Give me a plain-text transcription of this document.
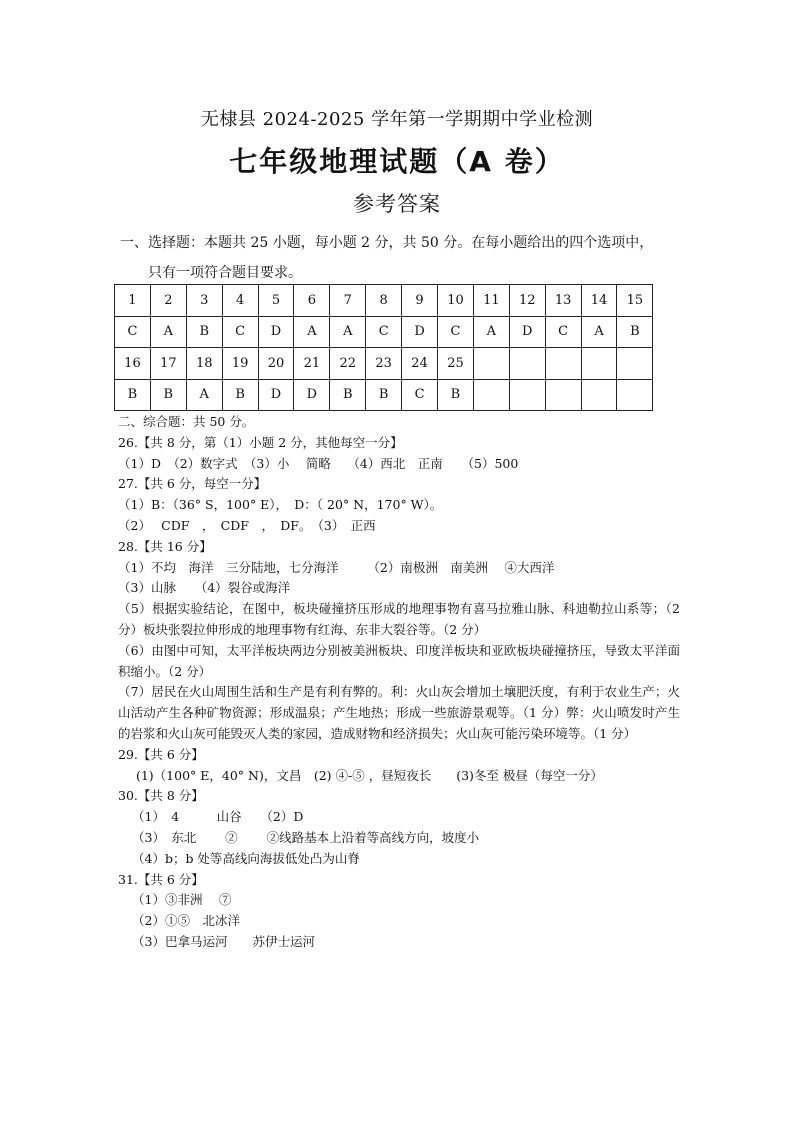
无棣县 2024-2025 学年第一学期期中学业检测
七年级地理试题（A 卷）
参考答案
一、选择题：本题共 25 小题，每小题 2 分，共 50 分。在每小题给出的四个选项中，
只有一项符合题目要求。
1	2	3	4	5	6	7	8	9	10	11	12	13	14	15
C	A	B	C	D	A	A	C	D	C	A	D	C	A	B
16	17	18	19	20	21	22	23	24	25					
B	B	A	B	D	D	B	B	C	B					
二、综合题：共 50 分。
26.【共 8 分，第（1）小题 2 分，其他每空一分】
（1）D　（2）数字式　（3）小　 简略　 （4）西北　正南　　（5）500
27.【共 6 分，每空一分】
（1）B：（36° S，100° E），　D：（ 20° N，170° W）。
（2）　 CDF　，　CDF　，　DF。　（3）　正西
28.【共 16 分】
（1）不均　海洋　三分陆地，七分海洋　　 （2）南极洲　南美洲　 ④大西洋
（3）山脉　　（4）裂谷或海洋
（5）根据实验结论，在图中，板块碰撞挤压形成的地理事物有喜马拉雅山脉、科迪勒拉山系等；（2 分）板块张裂拉伸形成的地理事物有红海、东非大裂谷等。（2 分）
（6）由图中可知，太平洋板块两边分别被美洲板块、印度洋板块和亚欧板块碰撞挤压，导致太平洋面积缩小。（2 分）
（7）居民在火山周围生活和生产是有利有弊的。利：火山灰会增加土壤肥沃度，有利于农业生产；火山活动产生各种矿物资源；形成温泉；产生地热；形成一些旅游景观等。（1 分）弊：火山喷发时产生的岩浆和火山灰可能毁灭人类的家园，造成财物和经济损失；火山灰可能污染环境等。（1 分）
29.【共 6 分】
(1)（100° E，40° N)，文昌　(2) ④-⑤ ，昼短夜长　　(3)冬至 极昼（每空一分）
30.【共 8 分】
（1）　4　　　山谷　　（2）D
（3）　东北　　 ②　　 ②线路基本上沿着等高线方向，坡度小
（4）b；b 处等高线向海拔低处凸为山脊
31.【共 6 分】
（1）③非洲　 ⑦
（2）①⑤　北冰洋
（3）巴拿马运河　　苏伊士运河
